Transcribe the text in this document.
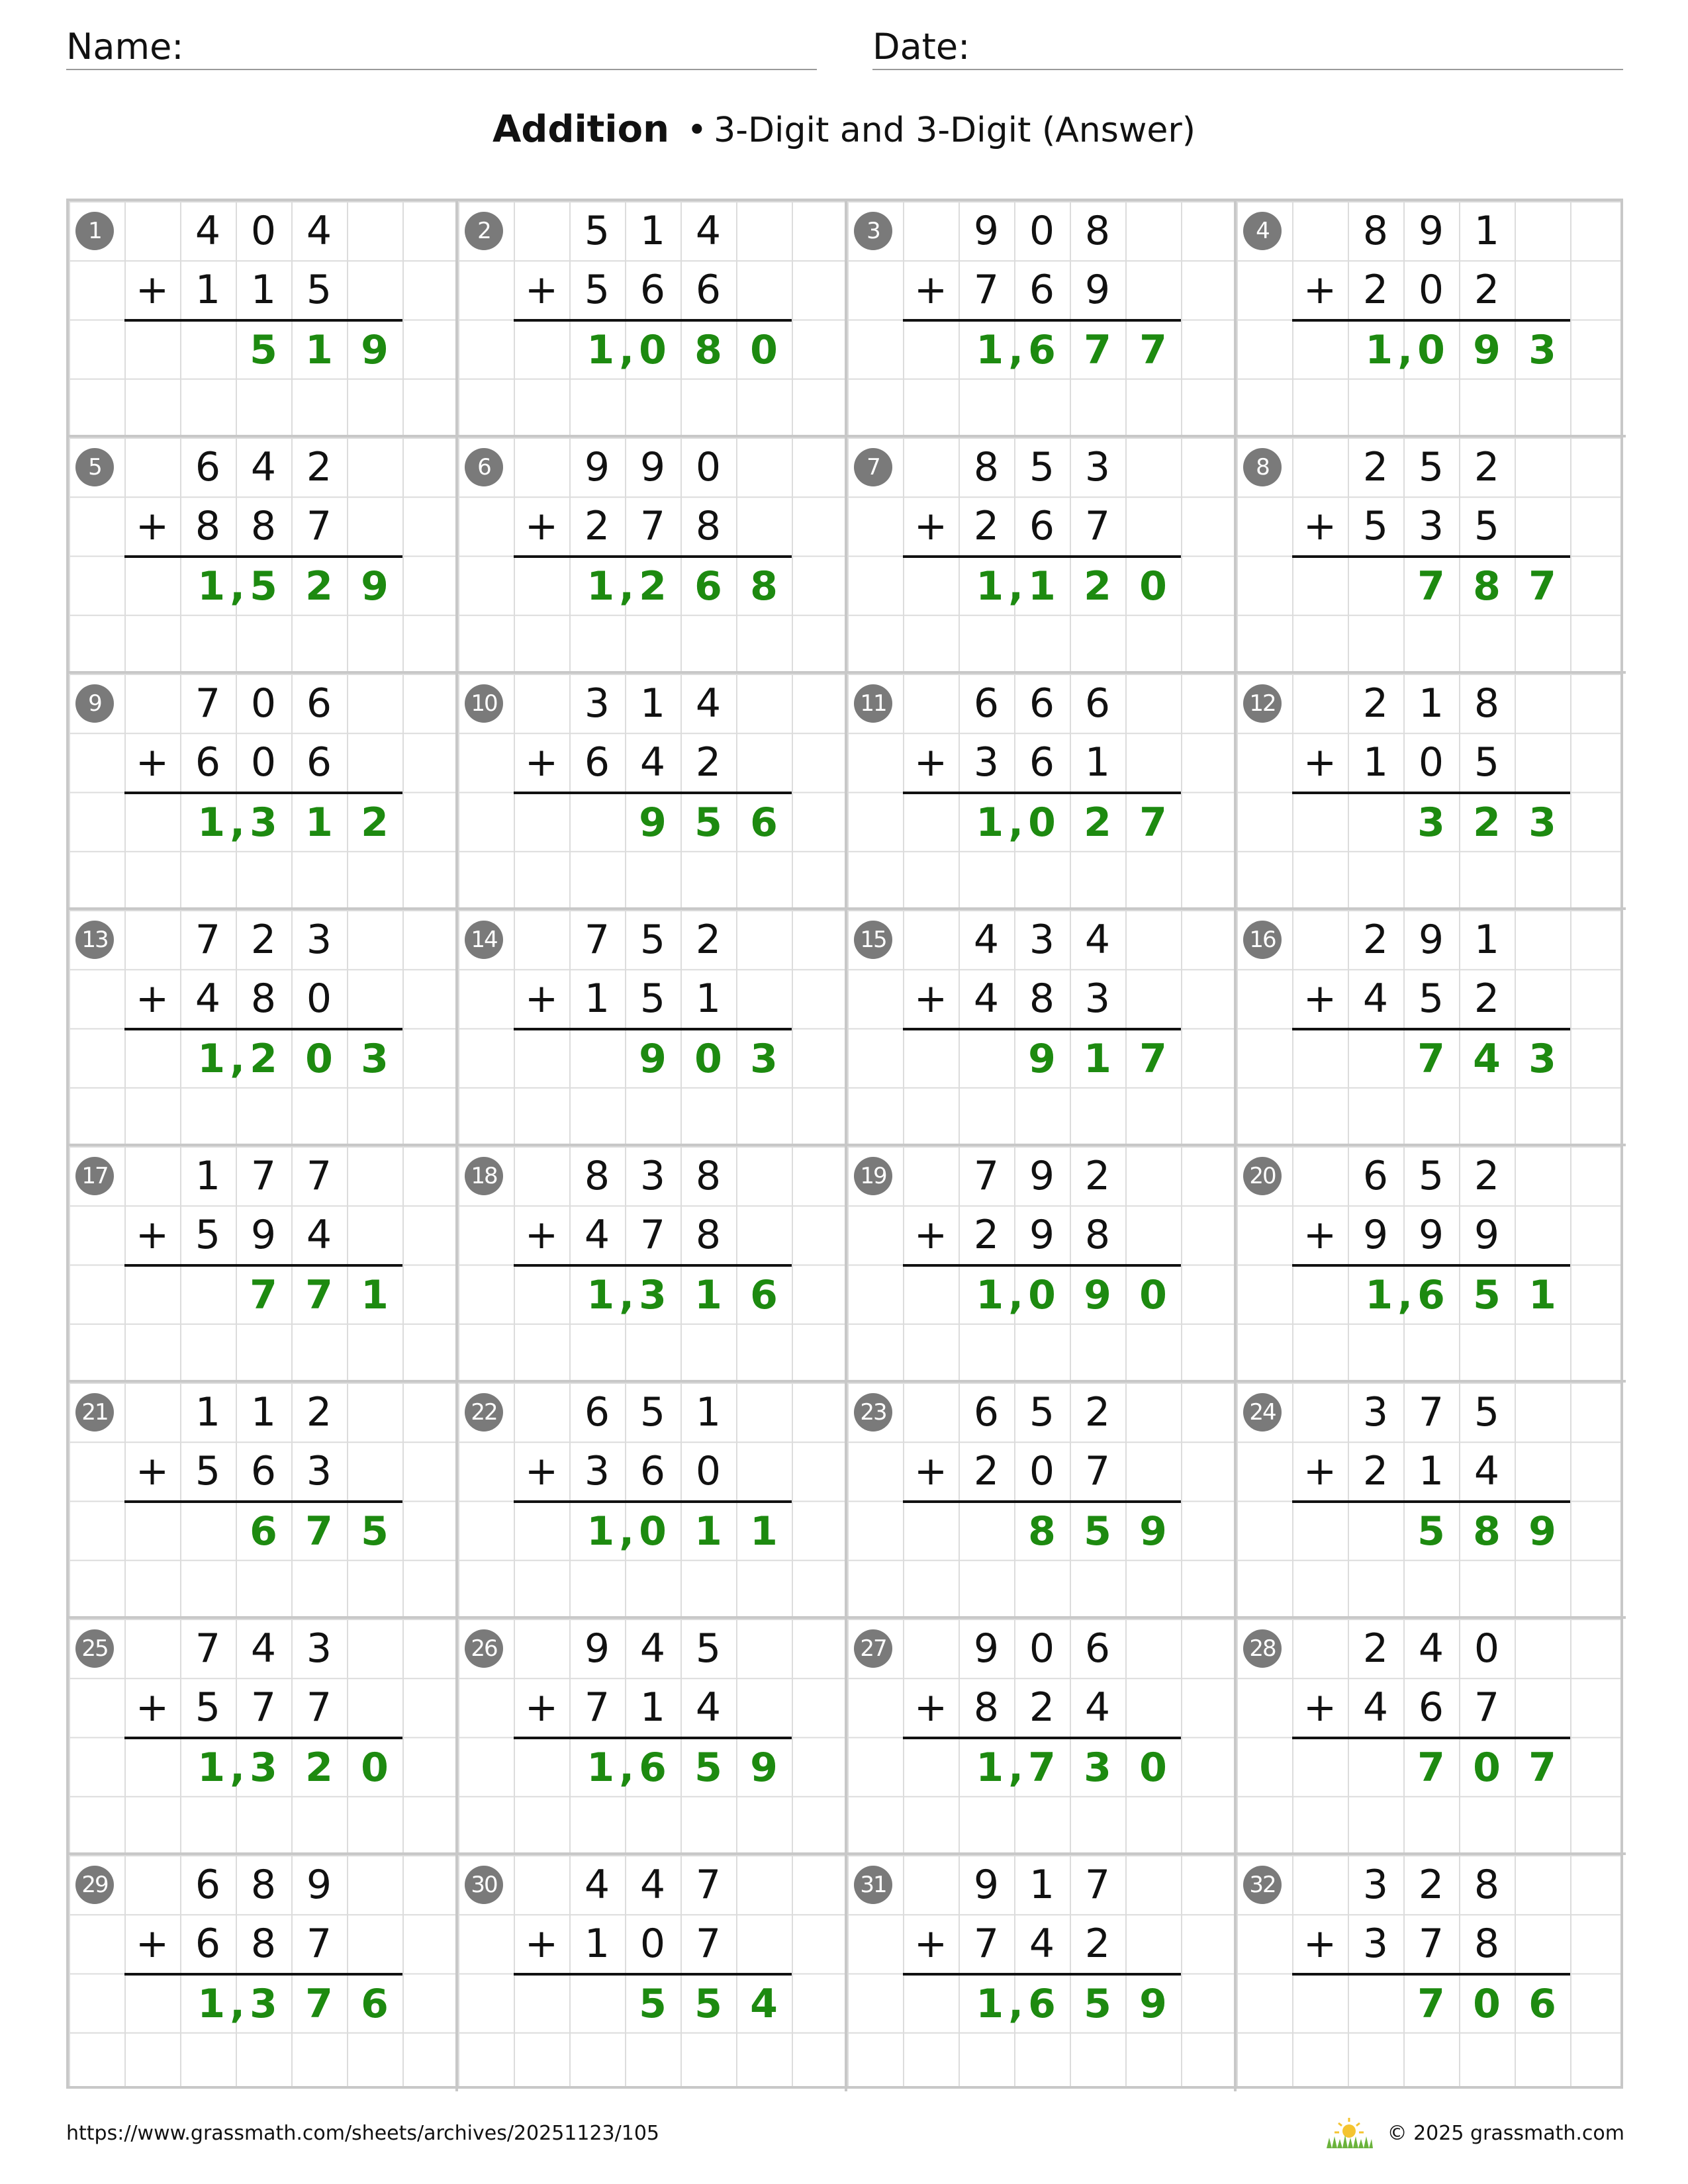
Name:	Date:
Addition • 3-Digit and 3-Digit (Answer)
1	4 0 4
+ 1 1 5
5 1 9
2	5 1 4
+ 5 6 6
1 , 0 8 0
3	9 0 8
+ 7 6 9
1 , 6 7 7
4	8 9 1
+ 2 0 2
1 , 0 9 3
5	6 4 2
+ 8 8 7
1 , 5 2 9
6	9 9 0
+ 2 7 8
1 , 2 6 8
7	8 5 3
+ 2 6 7
1 , 1 2 0
8	2 5 2
+ 5 3 5
7 8 7
9	7 0 6
+ 6 0 6
1 , 3 1 2
10	3 1 4
+ 6 4 2
9 5 6
11	6 6 6
+ 3 6 1
1 , 0 2 7
12	2 1 8
+ 1 0 5
3 2 3
13	7 2 3
+ 4 8 0
1 , 2 0 3
14	7 5 2
+ 1 5 1
9 0 3
15	4 3 4
+ 4 8 3
9 1 7
16	2 9 1
+ 4 5 2
7 4 3
17	1 7 7
+ 5 9 4
7 7 1
18	8 3 8
+ 4 7 8
1 , 3 1 6
19	7 9 2
+ 2 9 8
1 , 0 9 0
20	6 5 2
+ 9 9 9
1 , 6 5 1
21	1 1 2
+ 5 6 3
6 7 5
22	6 5 1
+ 3 6 0
1 , 0 1 1
23	6 5 2
+ 2 0 7
8 5 9
24	3 7 5
+ 2 1 4
5 8 9
25	7 4 3
+ 5 7 7
1 , 3 2 0
26	9 4 5
+ 7 1 4
1 , 6 5 9
27	9 0 6
+ 8 2 4
1 , 7 3 0
28	2 4 0
+ 4 6 7
7 0 7
29	6 8 9
+ 6 8 7
1 , 3 7 6
30	4 4 7
+ 1 0 7
5 5 4
31	9 1 7
+ 7 4 2
1 , 6 5 9
32	3 2 8
+ 3 7 8
7 0 6
https://www.grassmath.com/sheets/archives/20251123/105	© 2025 grassmath.com
